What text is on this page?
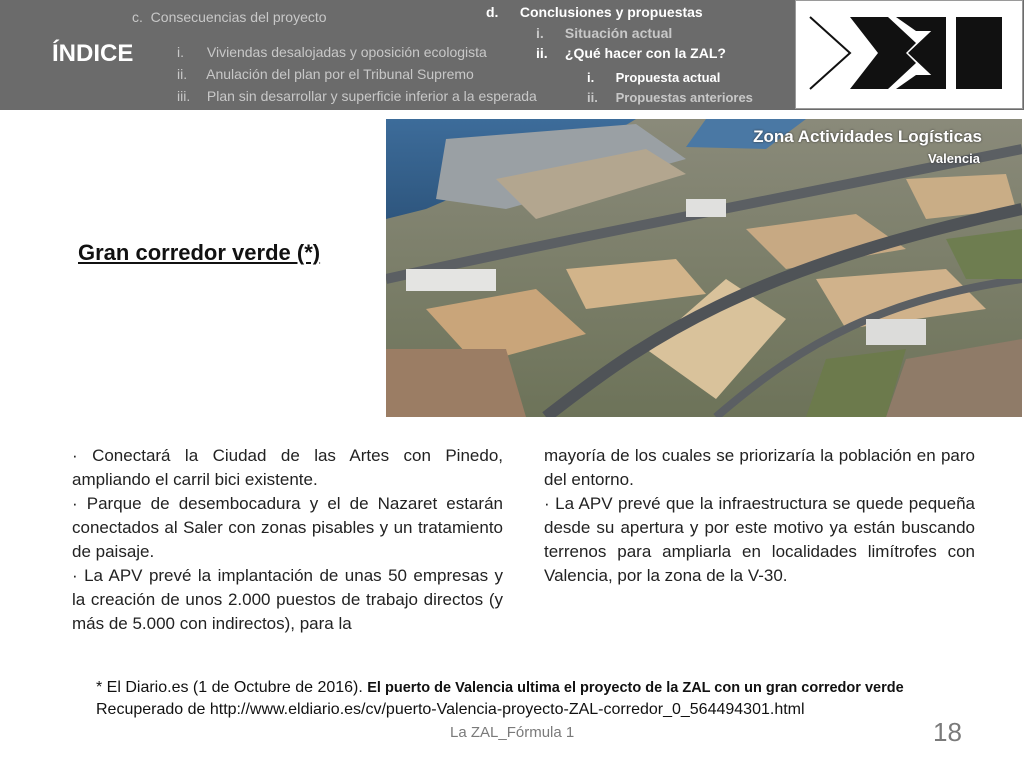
ÍNDICE
c. Consecuencias del proyecto
i. Viviendas desalojadas y oposición ecologista
ii. Anulación del plan por el Tribunal Supremo
iii. Plan sin desarrollar y superficie inferior a la esperada
d. Conclusiones y propuestas
i. Situación actual
ii. ¿Qué hacer con la ZAL?
i. Propuesta actual
ii. Propuestas anteriores
Zona Actividades Logísticas
Valencia
Gran corredor verde (*)

· Conectará la Ciudad de las Artes con Pinedo, ampliando el carril bici existente.

· Parque de desembocadura y el de Nazaret estarán conectados al Saler con zonas pisables y un tratamiento de paisaje.

· La APV prevé la implantación de unas 50 empresas y la creación de unos 2.000 puestos de trabajo directos (y más de 5.000 con indirectos), para la

mayoría de los cuales se priorizaría la población en paro del entorno.

· La APV prevé que la infraestructura se quede pequeña desde su apertura y por este motivo ya están buscando terrenos para ampliarla en localidades limítrofes con Valencia, por la zona de la V-30.

* El Diario.es (1 de Octubre de 2016). El puerto de Valencia ultima el proyecto de la ZAL con un gran corredor verde
Recuperado de http://www.eldiario.es/cv/puerto-Valencia-proyecto-ZAL-corredor_0_564494301.html
La ZAL_Fórmula 1	18
